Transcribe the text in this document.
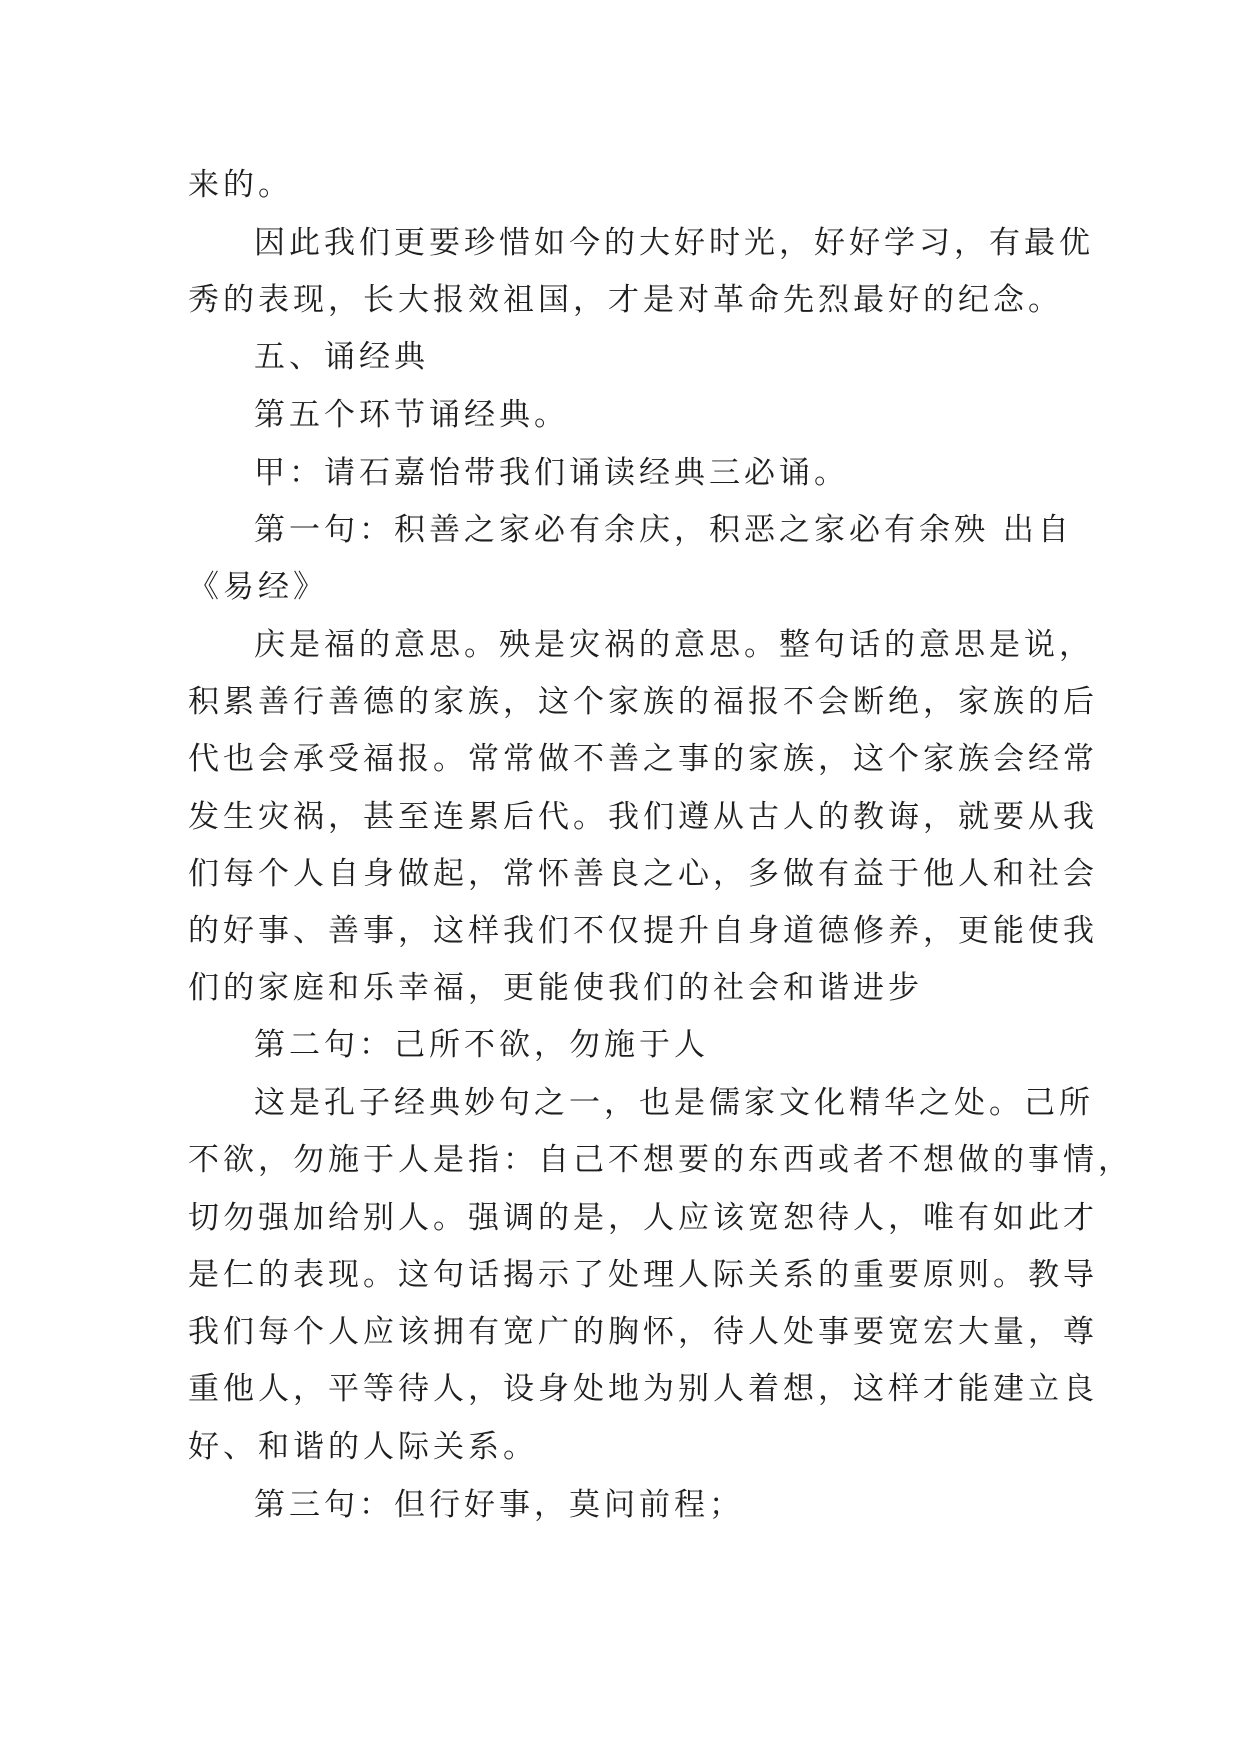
来的。
因此我们更要珍惜如今的大好时光，好好学习，有最优
秀的表现，长大报效祖国，才是对革命先烈最好的纪念。
五、诵经典
第五个环节诵经典。
甲：请石嘉怡带我们诵读经典三必诵。
第一句：积善之家必有余庆，积恶之家必有余殃 出自
《易经》
庆是福的意思。殃是灾祸的意思。整句话的意思是说，
积累善行善德的家族，这个家族的福报不会断绝，家族的后
代也会承受福报。常常做不善之事的家族，这个家族会经常
发生灾祸，甚至连累后代。我们遵从古人的教诲，就要从我
们每个人自身做起，常怀善良之心，多做有益于他人和社会
的好事、善事，这样我们不仅提升自身道德修养，更能使我
们的家庭和乐幸福，更能使我们的社会和谐进步
第二句：己所不欲，勿施于人
这是孔子经典妙句之一，也是儒家文化精华之处。己所
不欲，勿施于人是指：自己不想要的东西或者不想做的事情，
切勿强加给别人。强调的是，人应该宽恕待人，唯有如此才
是仁的表现。这句话揭示了处理人际关系的重要原则。教导
我们每个人应该拥有宽广的胸怀，待人处事要宽宏大量，尊
重他人，平等待人，设身处地为别人着想，这样才能建立良
好、和谐的人际关系。
第三句：但行好事，莫问前程；
